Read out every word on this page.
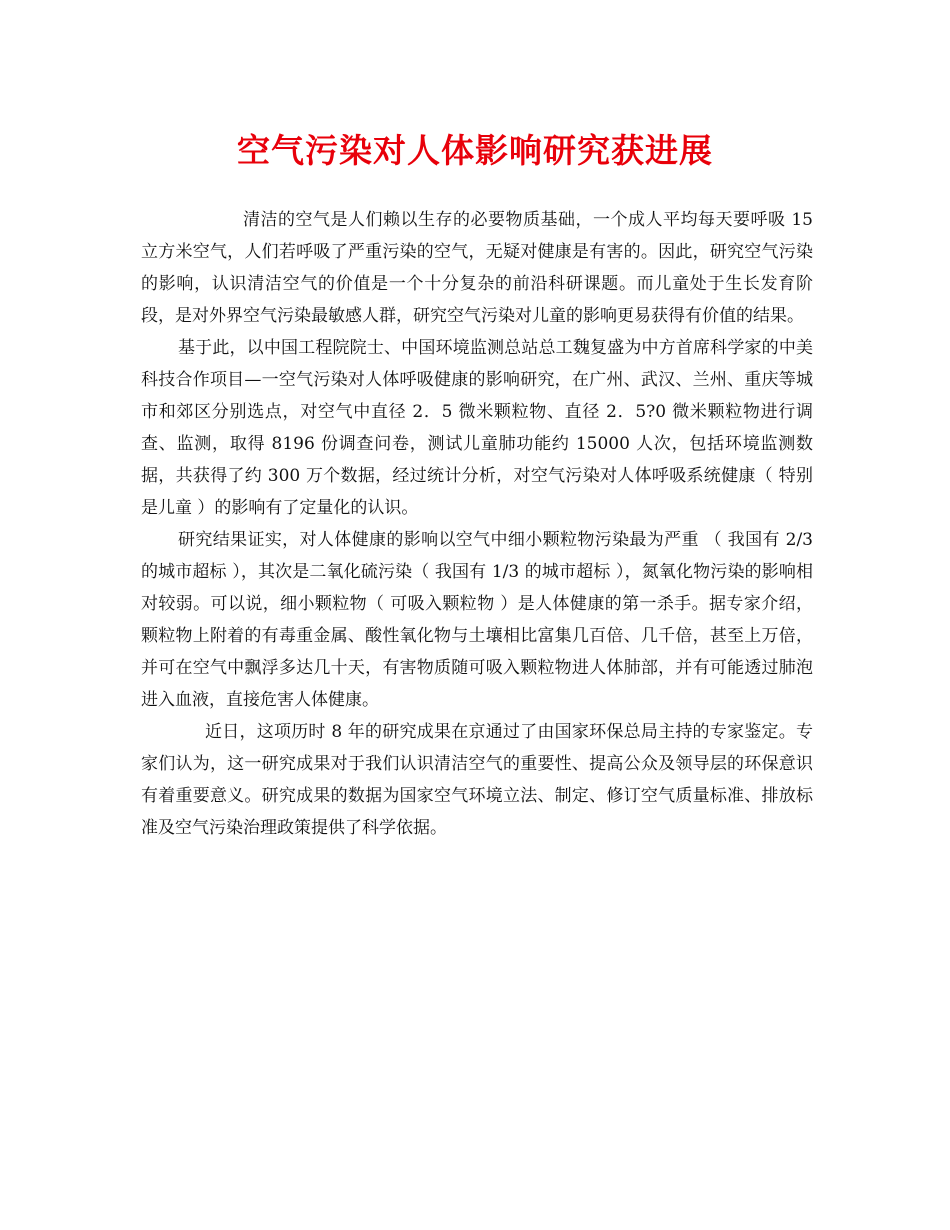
空气污染对人体影响研究获进展

清洁的空气是人们赖以生存的必要物质基础，一个成人平均每天要呼吸 15 立方米空气，人们若呼吸了严重污染的空气，无疑对健康是有害的。因此，研究空气污染的影响，认识清洁空气的价值是一个十分复杂的前沿科研课题。而儿童处于生长发育阶段，是对外界空气污染最敏感人群，研究空气污染对儿童的影响更易获得有价值的结果。

基于此，以中国工程院院士、中国环境监测总站总工魏复盛为中方首席科学家的中美科技合作项目—一空气污染对人体呼吸健康的影响研究，在广州、武汉、兰州、重庆等城市和郊区分别选点，对空气中直径 2．5 微米颗粒物、直径 2．5?0 微米颗粒物进行调查、监测，取得 8196 份调查问卷，测试儿童肺功能约 15000 人次，包括环境监测数据，共获得了约 300 万个数据，经过统计分析，对空气污染对人体呼吸系统健康（ 特别是儿童 ）的影响有了定量化的认识。

研究结果证实，对人体健康的影响以空气中细小颗粒物污染最为严重 （ 我国有 2/3 的城市超标 ），其次是二氧化硫污染（ 我国有 1/3 的城市超标 ），氮氧化物污染的影响相对较弱。可以说，细小颗粒物（ 可吸入颗粒物 ）是人体健康的第一杀手。据专家介绍，颗粒物上附着的有毒重金属、酸性氧化物与土壤相比富集几百倍、几千倍，甚至上万倍，并可在空气中飘浮多达几十天，有害物质随可吸入颗粒物进人体肺部，并有可能透过肺泡进入血液，直接危害人体健康。

近日，这项历时 8 年的研究成果在京通过了由国家环保总局主持的专家鉴定。专家们认为，这一研究成果对于我们认识清洁空气的重要性、提高公众及领导层的环保意识有着重要意义。研究成果的数据为国家空气环境立法、制定、修订空气质量标准、排放标准及空气污染治理政策提供了科学依据。
